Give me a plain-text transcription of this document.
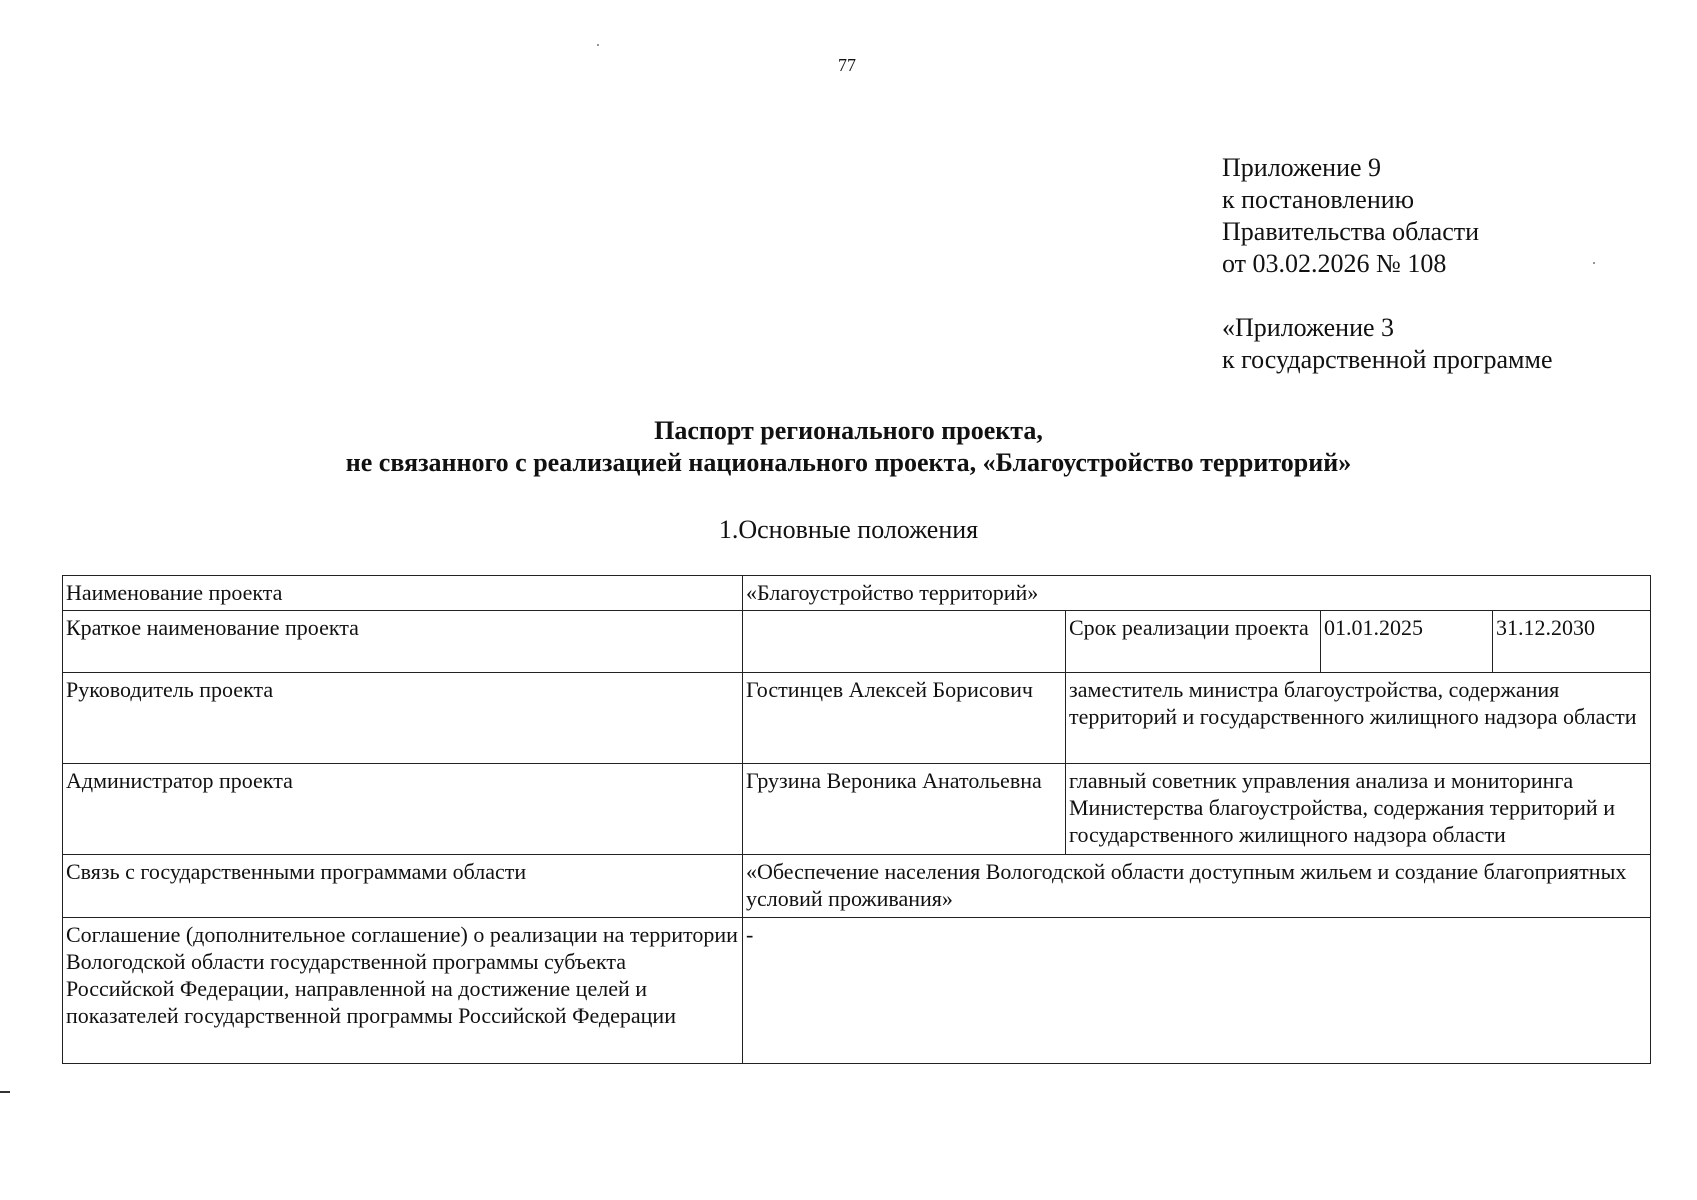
77
Приложение 9
к постановлению
Правительства области
от 03.02.2026 № 108
«Приложение 3
к государственной программе
Паспорт регионального проекта,
не связанного с реализацией национального проекта, «Благоустройство территорий»
1.Основные положения
Наименование проекта	«Благоустройство территорий»			
Краткое наименование проекта		Срок реализации проекта	01.01.2025	31.12.2030
Руководитель проекта	Гостинцев Алексей Борисович	заместитель министра благоустройства, содержания территорий и государственного жилищного надзора области		
Администратор проекта	Грузина Вероника Анатольевна	главный советник управления анализа и мониторинга Министерства благоустройства, содержания территорий и государственного жилищного надзора области		
Связь с государственными программами области	«Обеспечение населения Вологодской области доступным жильем и создание благоприятных условий проживания»			
Соглашение (дополнительное соглашение) о реализации на территории Вологодской области государственной программы субъекта Российской Федерации, направленной на достижение целей и показателей государственной программы Российской Федерации	-			
